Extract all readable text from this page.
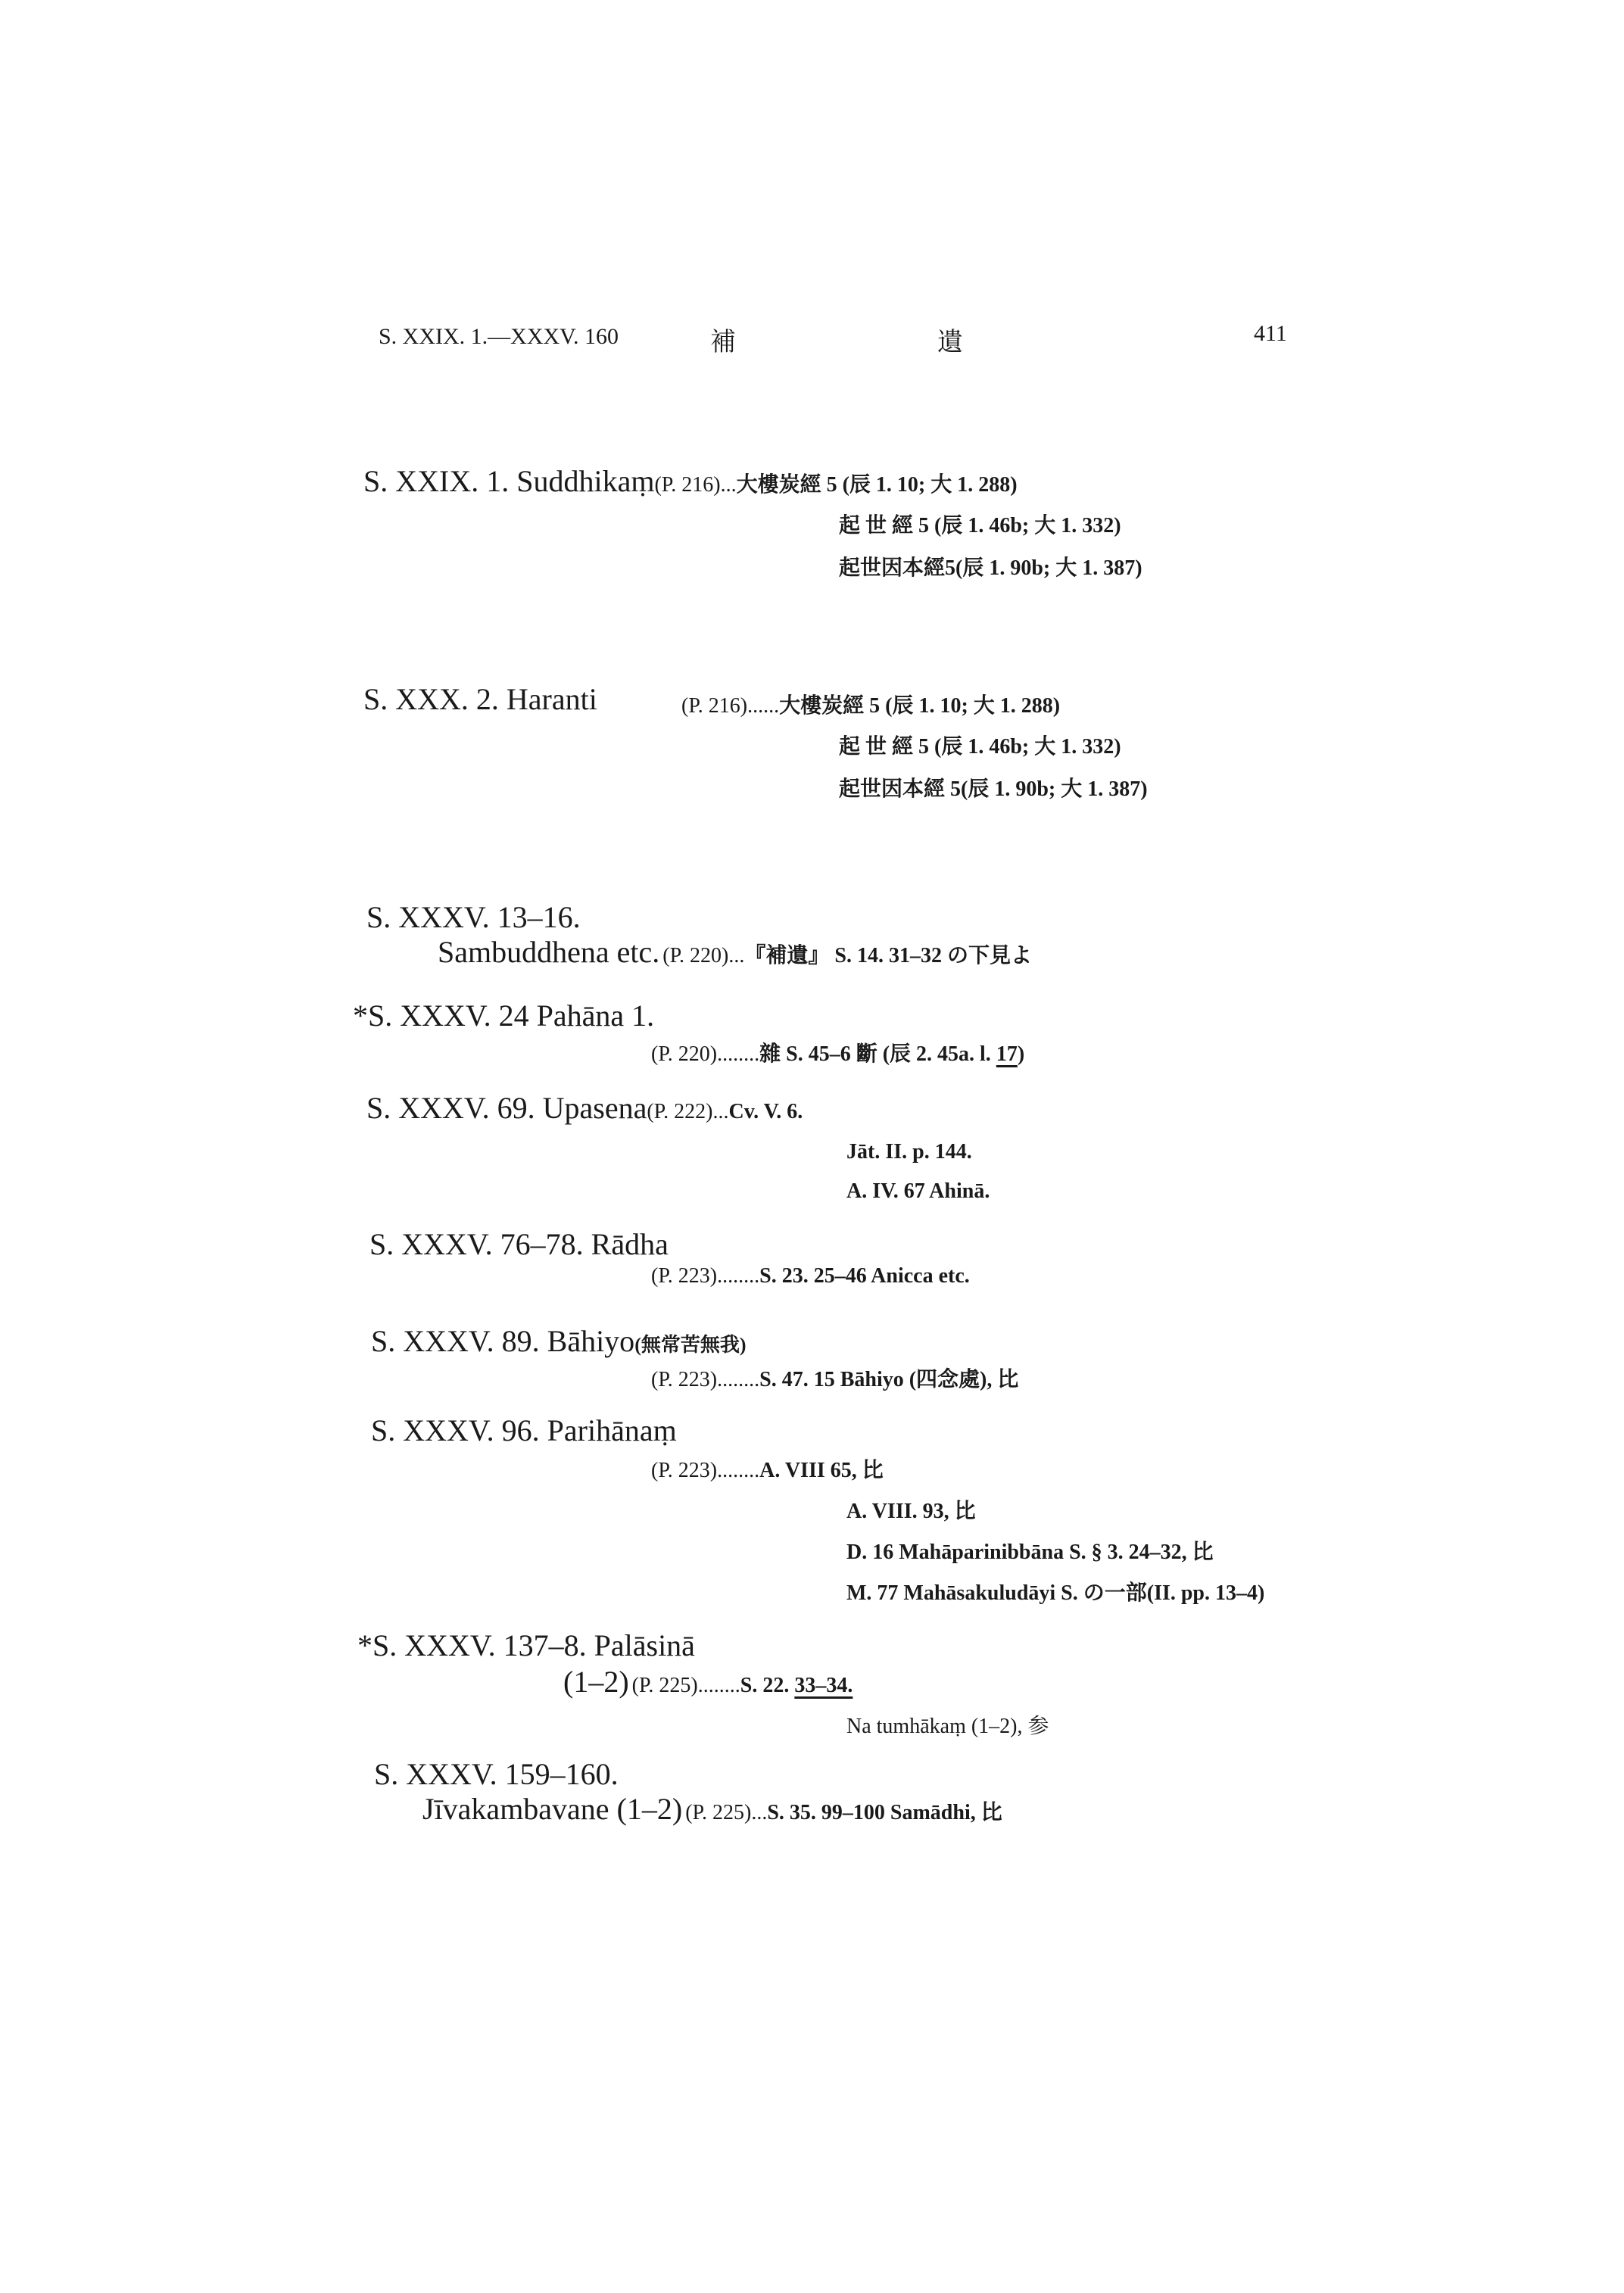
S. XXIX. 1.—XXXV. 160	補	遺	411
S. XXIX. 1. Suddhikaṃ(P. 216)...大樓炭經 5 (辰 1. 10; 大 1. 288)
起 世 經 5 (辰 1. 46b; 大 1. 332)
起世因本經5(辰 1. 90b; 大 1. 387)
S. XXX. 2. Haranti	(P. 216)......大樓炭經 5 (辰 1. 10; 大 1. 288)
起 世 經 5 (辰 1. 46b; 大 1. 332)
起世因本經 5(辰 1. 90b; 大 1. 387)
S. XXXV. 13–16.
Sambuddhena etc. (P. 220)...『補遺』 S. 14. 31–32 の下見よ
*S. XXXV. 24 Pahāna 1.
(P. 220)........雜 S. 45–6 斷 (辰 2. 45a. l. 17)
S. XXXV. 69. Upasena(P. 222)...Cv. V. 6.
Jāt. II. p. 144.
A. IV. 67 Ahinā.
S. XXXV. 76–78. Rādha
(P. 223)........S. 23. 25–46 Anicca etc.
S. XXXV. 89. Bāhiyo(無常苦無我)
(P. 223)........S. 47. 15 Bāhiyo (四念處), 比
S. XXXV. 96. Parihānaṃ
(P. 223)........A. VIII 65, 比
A. VIII. 93, 比
D. 16 Mahāparinibbāna S. § 3. 24–32, 比
M. 77 Mahāsakuludāyi S. の一部(II. pp. 13–4)
*S. XXXV. 137–8. Palāsinā
(1–2) (P. 225)........S. 22. 33–34.
Na tumhākaṃ (1–2), 参
S. XXXV. 159–160.
Jīvakambavane (1–2) (P. 225)...S. 35. 99–100 Samādhi, 比
